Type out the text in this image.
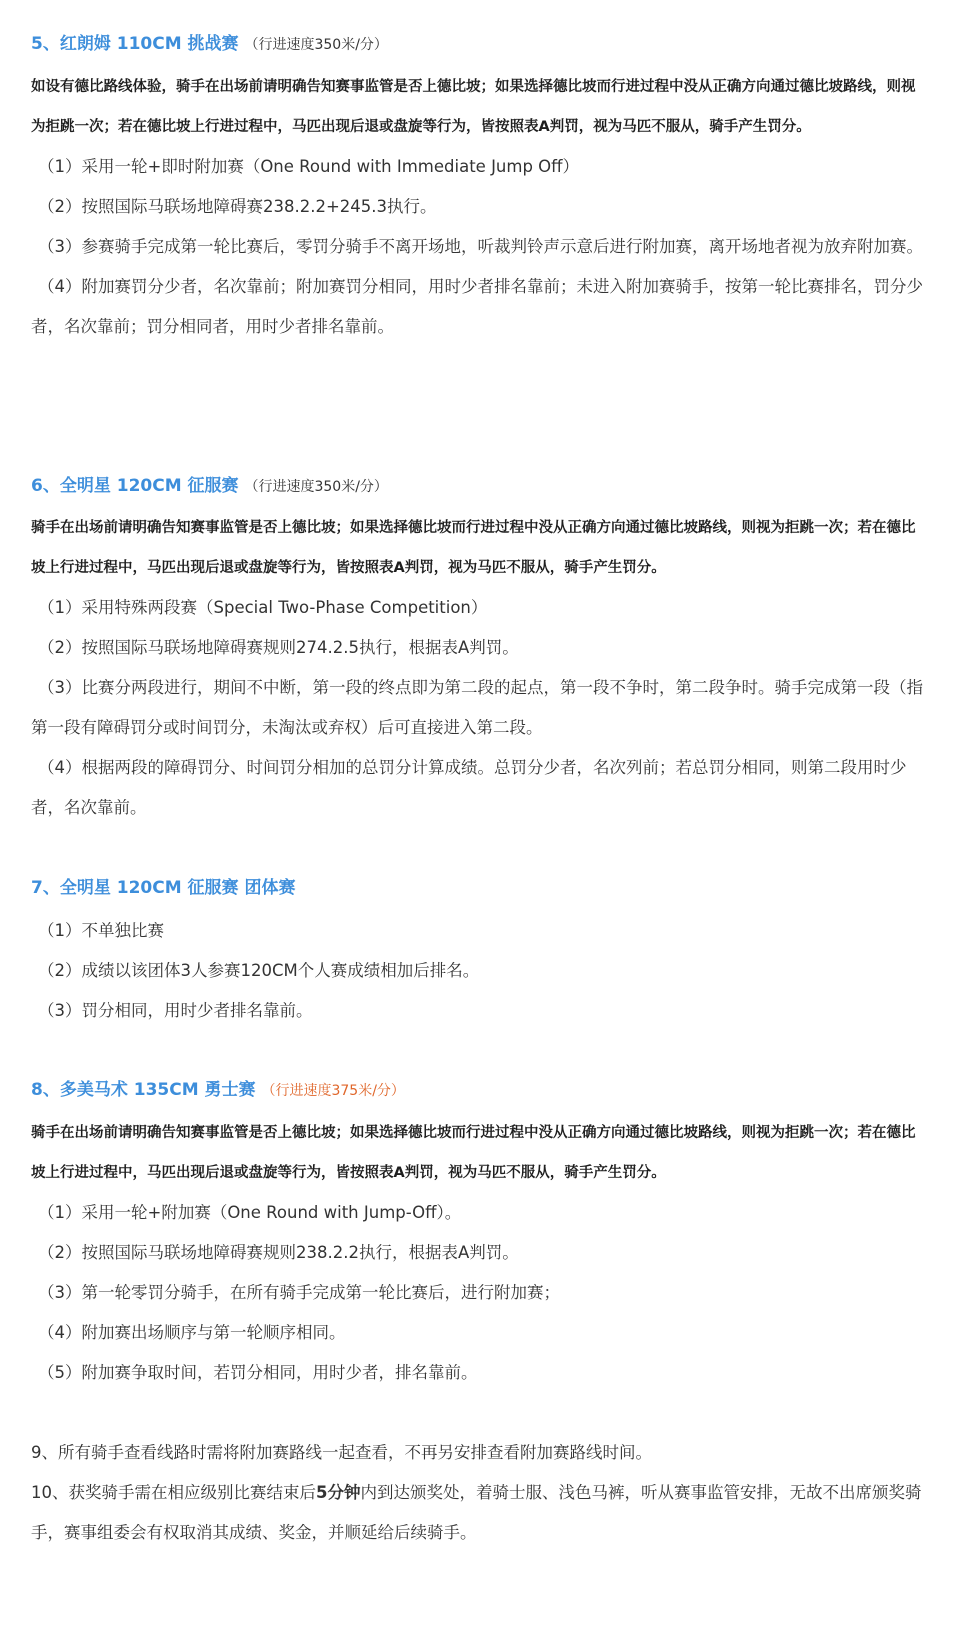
5、红朗姆 110CM 挑战赛 （行进速度350米/分）
如设有德比路线体验，骑手在出场前请明确告知赛事监管是否上德比坡；如果选择德比坡而行进过程中没从正确方向通过德比坡路线，则视为拒跳一次；若在德比坡上行进过程中，马匹出现后退或盘旋等行为，皆按照表A判罚，视为马匹不服从，骑手产生罚分。
（1）采用一轮+即时附加赛（One Round with Immediate Jump Off）
（2）按照国际马联场地障碍赛238.2.2+245.3执行。
（3）参赛骑手完成第一轮比赛后，零罚分骑手不离开场地，听裁判铃声示意后进行附加赛，离开场地者视为放弃附加赛。
（4）附加赛罚分少者，名次靠前；附加赛罚分相同，用时少者排名靠前；未进入附加赛骑手，按第一轮比赛排名，罚分少者，名次靠前；罚分相同者，用时少者排名靠前。
6、全明星 120CM 征服赛 （行进速度350米/分）
骑手在出场前请明确告知赛事监管是否上德比坡；如果选择德比坡而行进过程中没从正确方向通过德比坡路线，则视为拒跳一次；若在德比坡上行进过程中，马匹出现后退或盘旋等行为，皆按照表A判罚，视为马匹不服从，骑手产生罚分。
（1）采用特殊两段赛（Special Two-Phase Competition）
（2）按照国际马联场地障碍赛规则274.2.5执行，根据表A判罚。
（3）比赛分两段进行，期间不中断，第一段的终点即为第二段的起点，第一段不争时，第二段争时。骑手完成第一段（指第一段有障碍罚分或时间罚分，未淘汰或弃权）后可直接进入第二段。
（4）根据两段的障碍罚分、时间罚分相加的总罚分计算成绩。总罚分少者，名次列前；若总罚分相同，则第二段用时少者，名次靠前。
7、全明星 120CM 征服赛 团体赛
（1）不单独比赛
（2）成绩以该团体3人参赛120CM个人赛成绩相加后排名。
（3）罚分相同，用时少者排名靠前。
8、多美马术 135CM 勇士赛 （行进速度375米/分）
骑手在出场前请明确告知赛事监管是否上德比坡；如果选择德比坡而行进过程中没从正确方向通过德比坡路线，则视为拒跳一次；若在德比坡上行进过程中，马匹出现后退或盘旋等行为，皆按照表A判罚，视为马匹不服从，骑手产生罚分。
（1）采用一轮+附加赛（One Round with Jump-Off）。
（2）按照国际马联场地障碍赛规则238.2.2执行，根据表A判罚。
（3）第一轮零罚分骑手，在所有骑手完成第一轮比赛后，进行附加赛；
（4）附加赛出场顺序与第一轮顺序相同。
（5）附加赛争取时间，若罚分相同，用时少者，排名靠前。
9、所有骑手查看线路时需将附加赛路线一起查看，不再另安排查看附加赛路线时间。
10、获奖骑手需在相应级别比赛结束后5分钟内到达颁奖处，着骑士服、浅色马裤，听从赛事监管安排，无故不出席颁奖骑手，赛事组委会有权取消其成绩、奖金，并顺延给后续骑手。
